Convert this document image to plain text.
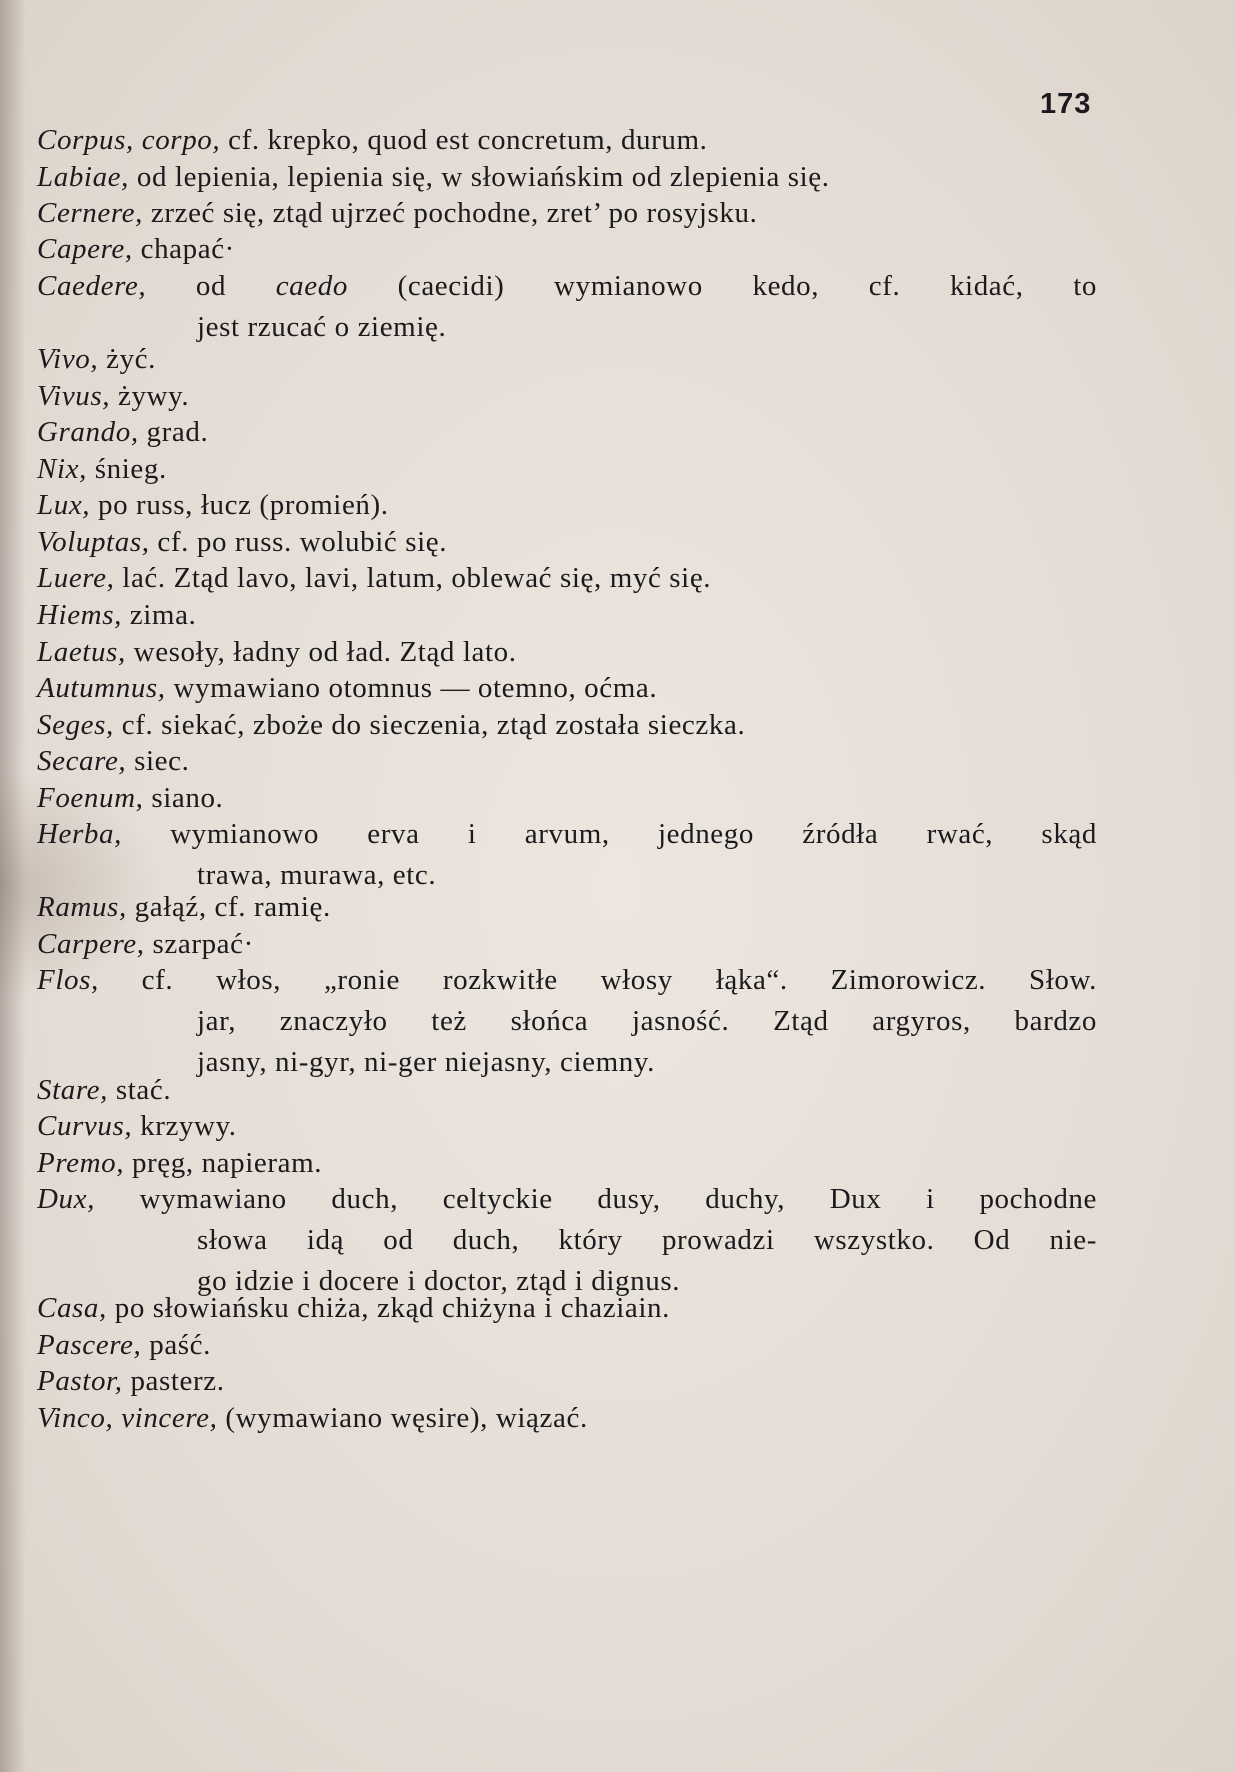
173
Corpus, corpo, cf. krepko, quod est concretum, durum.
Labiae, od lepienia, lepienia się, w słowiańskim od zlepienia się.
Cernere, zrzeć się, ztąd ujrzeć pochodne, zret’ po rosyjsku.
Capere, chapać·
Caedere, od caedo (caecidi) wymianowo kedo, cf. kidać, to
jest rzucać o ziemię.
Vivo, żyć.
Vivus, żywy.
Grando, grad.
Nix, śnieg.
Lux, po russ, łucz (promień).
Voluptas, cf. po russ. wolubić się.
Luere, lać. Ztąd lavo, lavi, latum, oblewać się, myć się.
Hiems, zima.
Laetus, wesoły, ładny od ład. Ztąd lato.
Autumnus, wymawiano otomnus — otemno, oćma.
Seges, cf. siekać, zboże do sieczenia, ztąd została sieczka.
Secare, siec.
Foenum, siano.
Herba, wymianowo erva i arvum, jednego źródła rwać, skąd
trawa, murawa, etc.
Ramus, gałąź, cf. ramię.
Carpere, szarpać·
Flos, cf. włos, „ronie rozkwitłe włosy łąka“. Zimorowicz. Słow.
jar, znaczyło też słońca jasność. Ztąd argyros, bardzo
jasny, ni-gyr, ni-ger niejasny, ciemny.
Stare, stać.
Curvus, krzywy.
Premo, pręg, napieram.
Dux, wymawiano duch, celtyckie dusy, duchy, Dux i pochodne
słowa idą od duch, który prowadzi wszystko. Od nie-
go idzie i docere i doctor, ztąd i dignus.
Casa, po słowiańsku chiża, zkąd chiżyna i chaziain.
Pascere, paść.
Pastor, pasterz.
Vinco, vincere, (wymawiano węsire), wiązać.
